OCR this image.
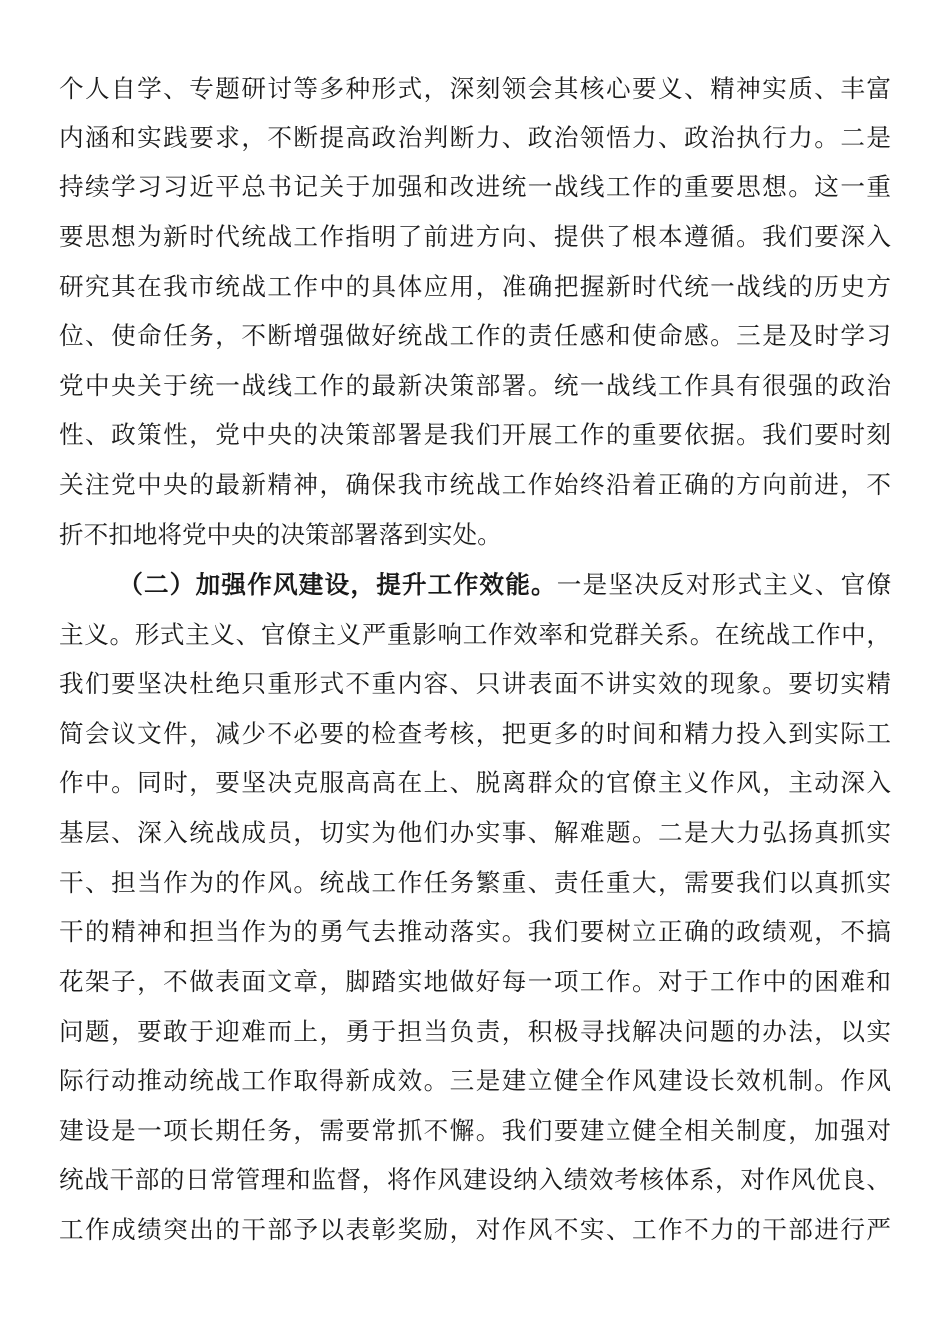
个人自学、专题研讨等多种形式，深刻领会其核心要义、精神实质、丰富
内涵和实践要求，不断提高政治判断力、政治领悟力、政治执行力。二是
持续学习习近平总书记关于加强和改进统一战线工作的重要思想。这一重
要思想为新时代统战工作指明了前进方向、提供了根本遵循。我们要深入
研究其在我市统战工作中的具体应用，准确把握新时代统一战线的历史方
位、使命任务，不断增强做好统战工作的责任感和使命感。三是及时学习
党中央关于统一战线工作的最新决策部署。统一战线工作具有很强的政治
性、政策性，党中央的决策部署是我们开展工作的重要依据。我们要时刻
关注党中央的最新精神，确保我市统战工作始终沿着正确的方向前进，不
折不扣地将党中央的决策部署落到实处。
（二）加强作风建设，提升工作效能。一是坚决反对形式主义、官僚
主义。形式主义、官僚主义严重影响工作效率和党群关系。在统战工作中，
我们要坚决杜绝只重形式不重内容、只讲表面不讲实效的现象。要切实精
简会议文件，减少不必要的检查考核，把更多的时间和精力投入到实际工
作中。同时，要坚决克服高高在上、脱离群众的官僚主义作风，主动深入
基层、深入统战成员，切实为他们办实事、解难题。二是大力弘扬真抓实
干、担当作为的作风。统战工作任务繁重、责任重大，需要我们以真抓实
干的精神和担当作为的勇气去推动落实。我们要树立正确的政绩观，不搞
花架子，不做表面文章，脚踏实地做好每一项工作。对于工作中的困难和
问题，要敢于迎难而上，勇于担当负责，积极寻找解决问题的办法，以实
际行动推动统战工作取得新成效。三是建立健全作风建设长效机制。作风
建设是一项长期任务，需要常抓不懈。我们要建立健全相关制度，加强对
统战干部的日常管理和监督，将作风建设纳入绩效考核体系，对作风优良、
工作成绩突出的干部予以表彰奖励，对作风不实、工作不力的干部进行严
